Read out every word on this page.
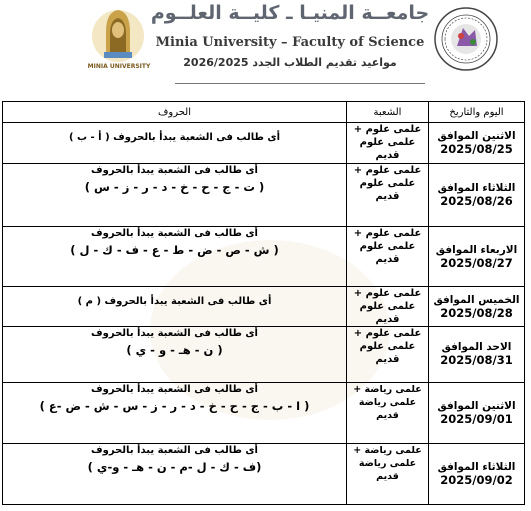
MINIA UNIVERSITY
جامعــة المنيـا ـ كليــة العلــوم
Minia University – Faculty of Science
مواعيد تقديم الطلاب الجدد 2026/2025
اليوم والتاريخ	الشعبة	الحروف

الاثنين الموافق
2025/08/25	علمى علوم + علمى علوم قديم	أى طالب فى الشعبة يبدأ بالحروف ( أ - ب )

الثلاثاء الموافق
2025/08/26	علمى علوم + علمى علوم قديم	أى طالب فى الشعبة يبدأ بالحروف
( ت - ج - ح - خ - د - ر - ز - س )

الاربعاء الموافق
2025/08/27	علمى علوم + علمى علوم قديم	أى طالب فى الشعبة يبدأ بالحروف
( ش - ص - ض - ط - ع - ف - ك - ل )

الخميس الموافق
2025/08/28	علمى علوم + علمى علوم قديم	أى طالب فى الشعبة يبدأ بالحروف ( م )

الاحد الموافق
2025/08/31	علمى علوم + علمى علوم قديم	أى طالب فى الشعبة يبدأ بالحروف
( ن - هـ - و - ي )

الاثنين الموافق
2025/09/01	علمى رياضة + علمى رياضة قديم	أى طالب فى الشعبة يبدأ بالحروف
( ا - ب - ج - ح - خ - د - ر - ز - س - ش - ض -ع )

الثلاثاء الموافق
2025/09/02	علمى رياضة + علمى رياضة قديم	أى طالب فى الشعبة يبدأ بالحروف
(ف - ك - ل -م - ن - هـ - و-ي )
